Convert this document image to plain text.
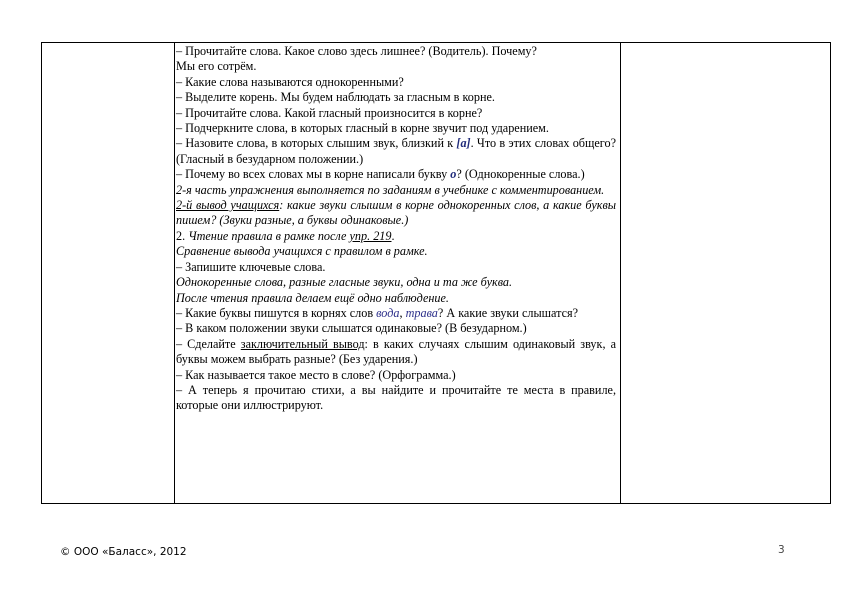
– Прочитайте слова. Какое слово здесь лишнее? (Водитель). Почему?

Мы его сотрём.

– Какие слова называются однокоренными?

– Выделите корень. Мы будем наблюдать за гласным в корне.

– Прочитайте слова. Какой гласный произносится в корне?

– Подчеркните слова, в которых гласный в корне звучит под ударением.

– Назовите слова, в которых слышим звук, близкий к [а]. Что в этих словах общего? (Гласный в безударном положении.)

– Почему во всех словах мы в корне написали букву о? (Однокоренные слова.)

2-я часть упражнения выполняется по заданиям в учебнике с комментированием.

2-й вывод учащихся: какие звуки слышим в корне однокоренных слов, а какие буквы пишем? (Звуки разные, а буквы одинаковые.)

2. Чтение правила в рамке после упр. 219.

Сравнение вывода учащихся с правилом в рамке.

– Запишите ключевые слова.

Однокоренные слова, разные гласные звуки, одна и та же буква.

После чтения правила делаем ещё одно наблюдение.

– Какие буквы пишутся в корнях слов вода, трава? А какие звуки слышатся?

– В каком положении звуки слышатся одинаковые? (В безударном.)

– Сделайте заключительный вывод: в каких случаях слышим одинаковый звук, а буквы можем выбрать разные? (Без ударения.)

– Как называется такое место в слове? (Орфограмма.)

– А теперь я прочитаю стихи, а вы найдите и прочитайте те места в правиле, которые они иллюстрируют.

© ООО «Баласс», 2012	3
